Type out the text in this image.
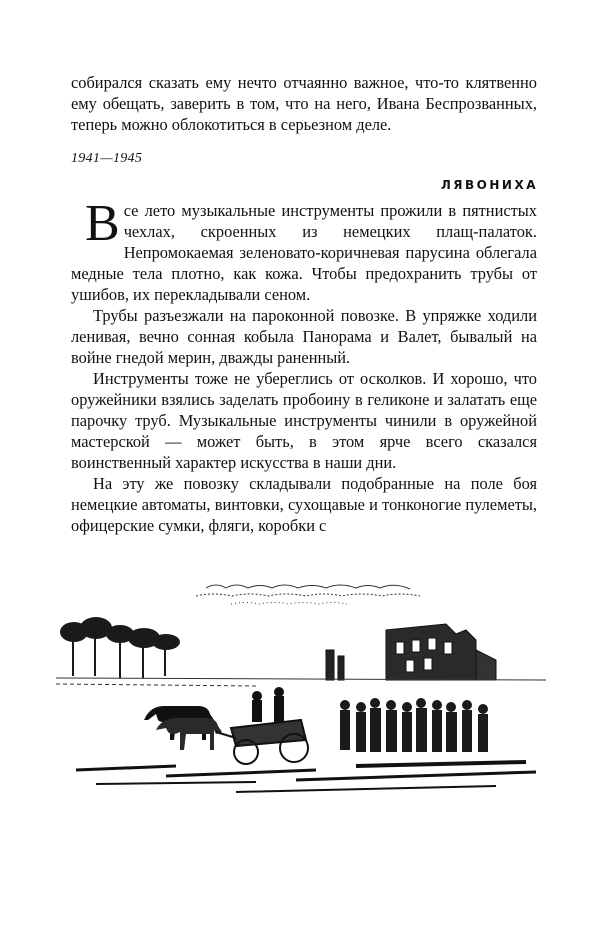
собирался сказать ему нечто отчаянно важное, что-то клятвенно ему обещать, заверить в том, что на него, Ивана Беспрозванных, теперь можно облокотиться в серьезном деле.
1941—1945
ЛЯВОНИХА

Все лето музыкальные инструменты прожили в пятнистых чехлах, скроенных из немецких плащ-палаток. Непромокаемая зеленовато-коричневая парусина облегала медные тела плотно, как кожа. Чтобы предохранить трубы от ушибов, их перекладывали сеном.

Трубы разъезжали на пароконной повозке. В упряжке ходили ленивая, вечно сонная кобыла Панорама и Валет, бывалый на войне гнедой мерин, дважды раненный.

Инструменты тоже не убереглись от осколков. И хорошо, что оружейники взялись заделать пробоину в геликоне и залатать еще парочку труб. Музыкальные инструменты чинили в оружейной мастерской — может быть, в этом ярче всего сказался воинственный характер искусства в наши дни.

На эту же повозку складывали подобранные на поле боя немецкие автоматы, винтовки, сухощавые и тонконогие пулеметы, офицерские сумки, фляги, коробки с
